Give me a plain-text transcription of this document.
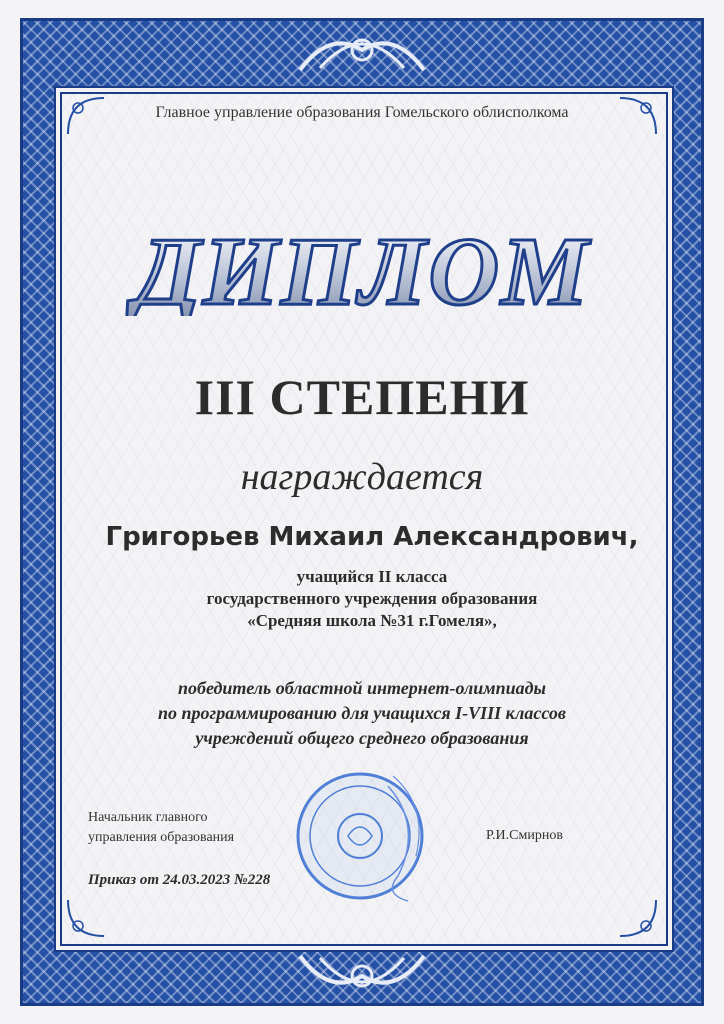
Главное управление образования Гомельского облисполкома
ДИПЛОМ
III СТЕПЕНИ
награждается
Григорьев Михаил Александрович,
учащийся II класса
государственного учреждения образования
«Средняя школа №31 г.Гомеля»,
победитель областной интернет-олимпиады
по программированию для учащихся I-VIII классов
учреждений общего среднего образования
Начальник главного
управления образования	Р.И.Смирнов
Приказ от 24.03.2023 №228
